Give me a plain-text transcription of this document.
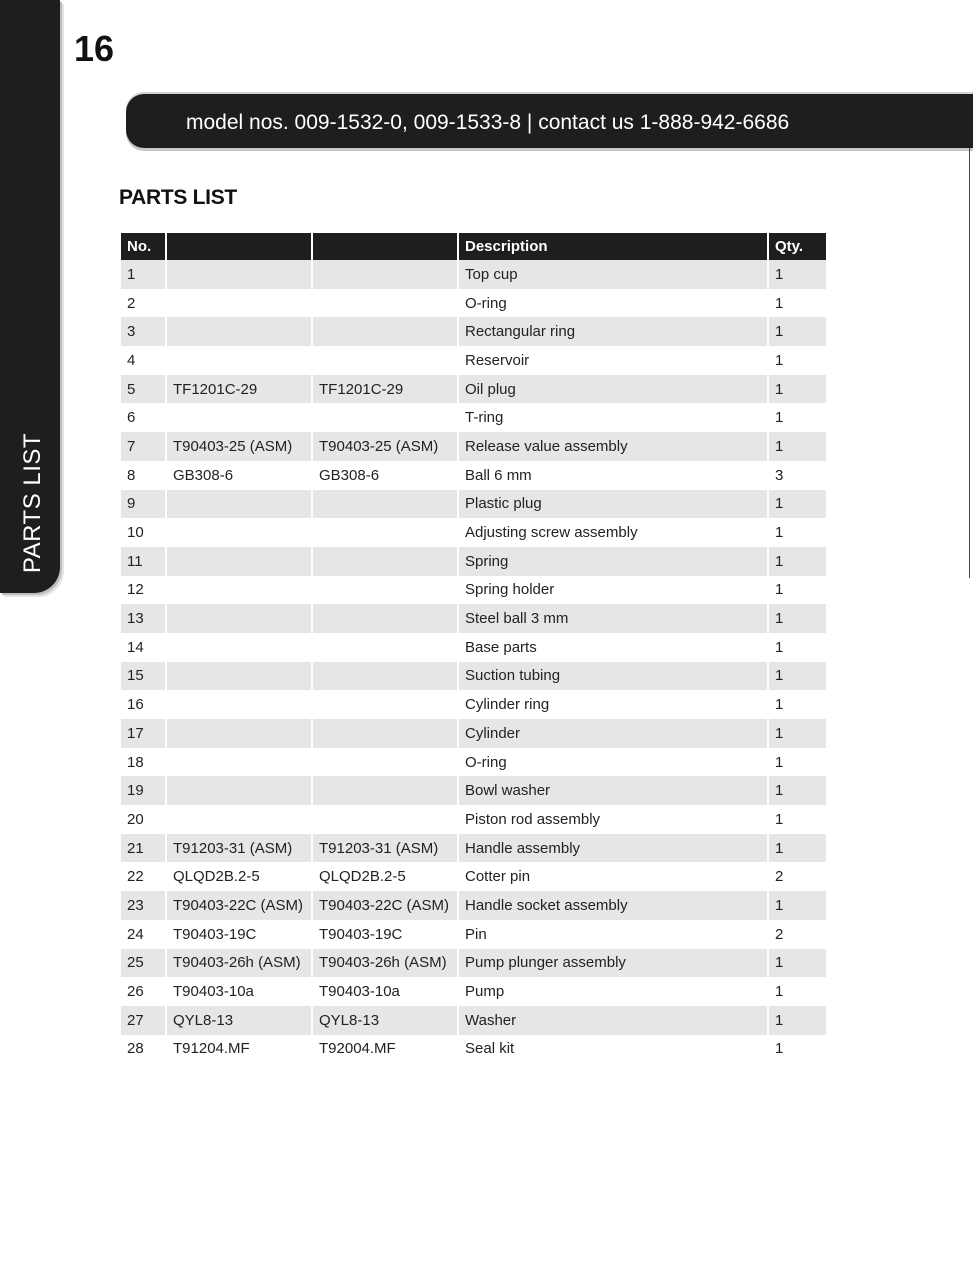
PARTS LIST
16
model nos. 009-1532-0, 009-1533-8 | contact us 1-888-942-6686
PARTS LIST
No.			Description	Qty.
1			Top cup	1
2			O-ring	1
3			Rectangular ring	1
4			Reservoir	1
5	TF1201C-29	TF1201C-29	Oil plug	1
6			T-ring	1
7	T90403-25 (ASM)	T90403-25 (ASM)	Release value assembly	1
8	GB308-6	GB308-6	Ball 6 mm	3
9			Plastic plug	1
10			Adjusting screw assembly	1
11			Spring	1
12			Spring holder	1
13			Steel ball 3 mm	1
14			Base parts	1
15			Suction tubing	1
16			Cylinder ring	1
17			Cylinder	1
18			O-ring	1
19			Bowl washer	1
20			Piston rod assembly	1
21	T91203-31 (ASM)	T91203-31 (ASM)	Handle assembly	1
22	QLQD2B.2-5	QLQD2B.2-5	Cotter pin	2
23	T90403-22C (ASM)	T90403-22C (ASM)	Handle socket assembly	1
24	T90403-19C	T90403-19C	Pin	2
25	T90403-26h (ASM)	T90403-26h (ASM)	Pump plunger assembly	1
26	T90403-10a	T90403-10a	Pump	1
27	QYL8-13	QYL8-13	Washer	1
28	T91204.MF	T92004.MF	Seal kit	1
